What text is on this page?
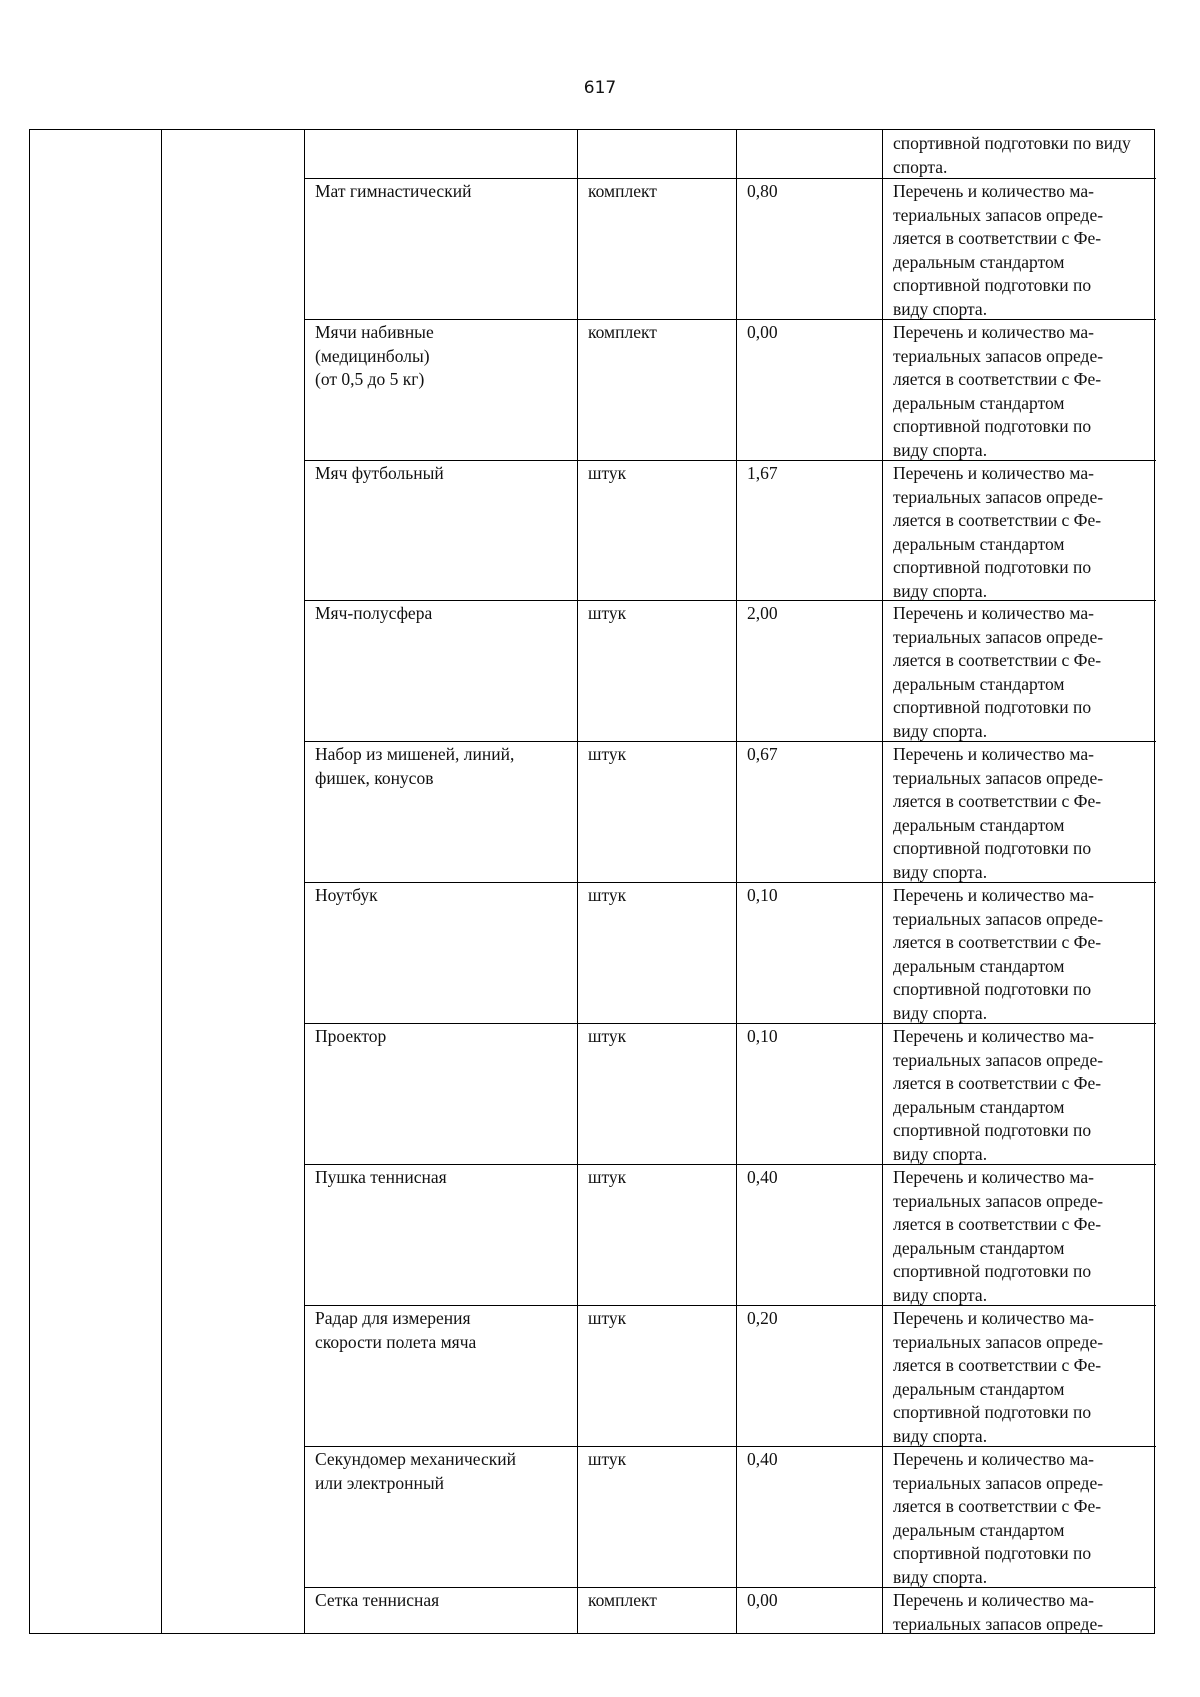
617
спортивной подготовки по виду спорта.
Мат гимнастический	комплект	0,80	Перечень и количество ма-
териальных запасов опреде-
ляется в соответствии с Фе-
деральным стандартом
спортивной подготовки по
виду спорта.
Мячи набивные
(медицинболы)
(от 0,5 до 5 кг)
комплект	0,00	Перечень и количество ма-
териальных запасов опреде-
ляется в соответствии с Фе-
деральным стандартом
спортивной подготовки по
виду спорта.
Мяч футбольный	штук	1,67	Перечень и количество ма-
териальных запасов опреде-
ляется в соответствии с Фе-
деральным стандартом
спортивной подготовки по
виду спорта.
Мяч-полусфера	штук	2,00	Перечень и количество ма-
териальных запасов опреде-
ляется в соответствии с Фе-
деральным стандартом
спортивной подготовки по
виду спорта.
Набор из мишеней, линий,
фишек, конусов
штук	0,67	Перечень и количество ма-
териальных запасов опреде-
ляется в соответствии с Фе-
деральным стандартом
спортивной подготовки по
виду спорта.
Ноутбук	штук	0,10	Перечень и количество ма-
териальных запасов опреде-
ляется в соответствии с Фе-
деральным стандартом
спортивной подготовки по
виду спорта.
Проектор	штук	0,10	Перечень и количество ма-
териальных запасов опреде-
ляется в соответствии с Фе-
деральным стандартом
спортивной подготовки по
виду спорта.
Пушка теннисная	штук	0,40	Перечень и количество ма-
териальных запасов опреде-
ляется в соответствии с Фе-
деральным стандартом
спортивной подготовки по
виду спорта.
Радар для измерения
скорости полета мяча
штук	0,20	Перечень и количество ма-
териальных запасов опреде-
ляется в соответствии с Фе-
деральным стандартом
спортивной подготовки по
виду спорта.
Секундомер механический
или электронный
штук	0,40	Перечень и количество ма-
териальных запасов опреде-
ляется в соответствии с Фе-
деральным стандартом
спортивной подготовки по
виду спорта.
Сетка теннисная	комплект	0,00	Перечень и количество ма-
териальных запасов опреде-
